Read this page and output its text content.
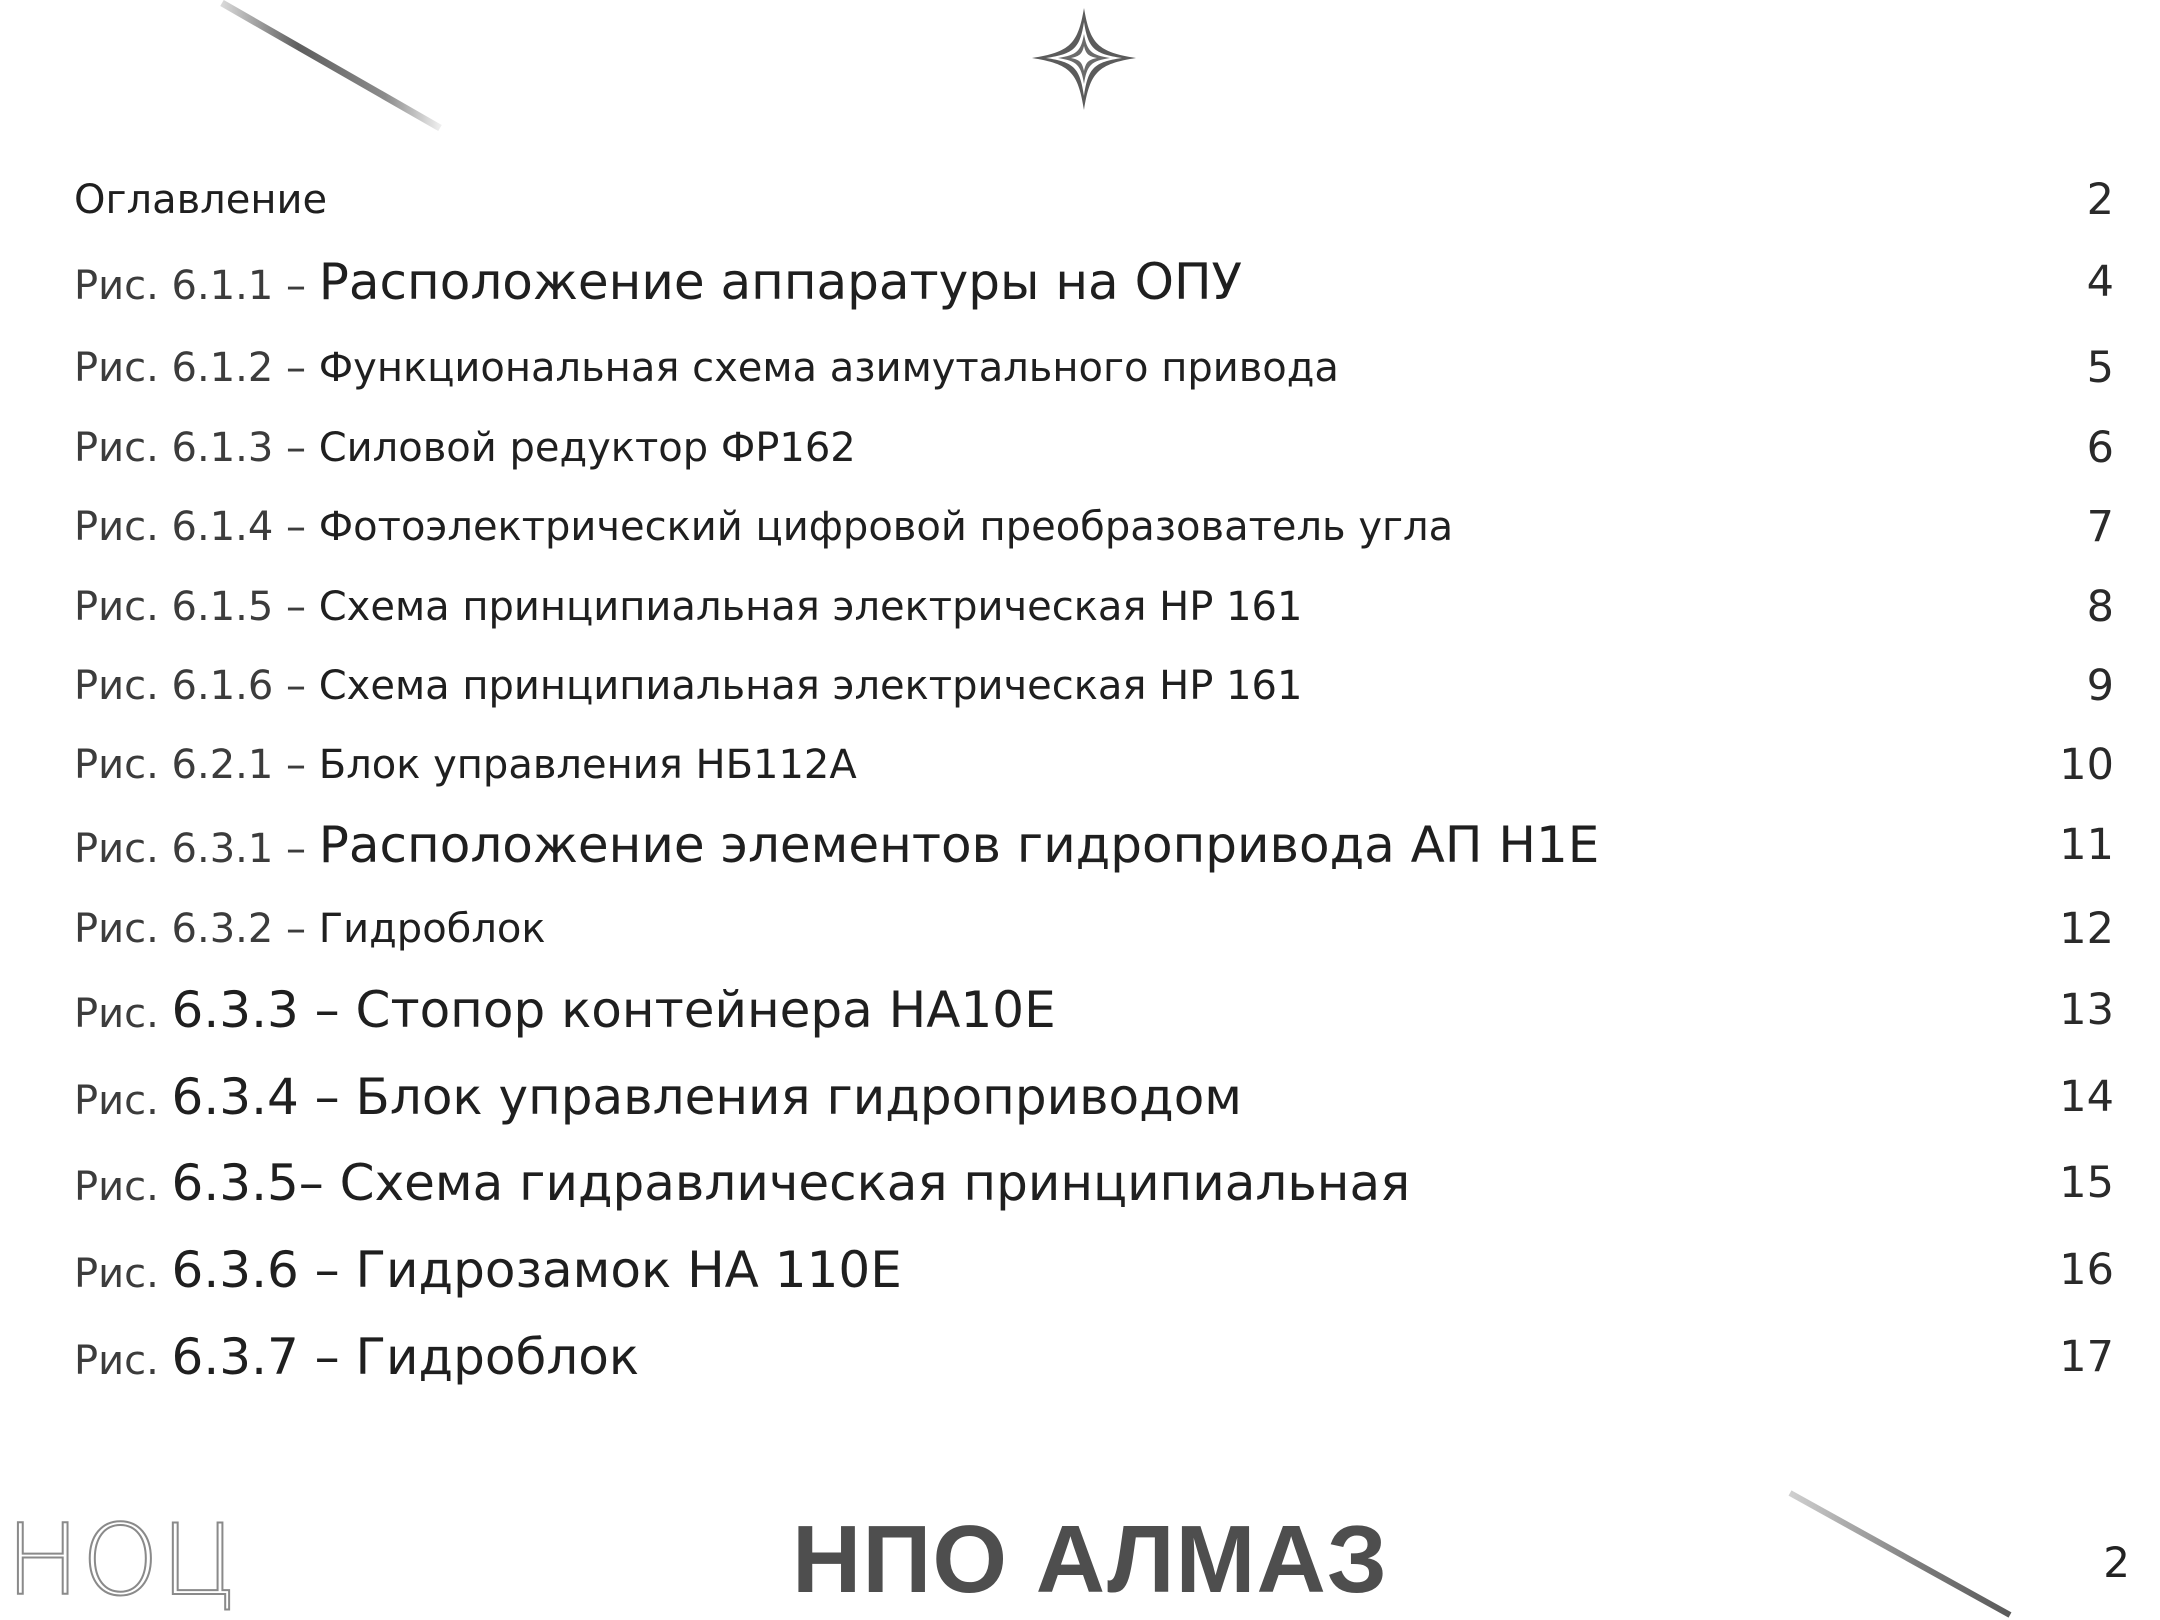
Оглавление	2
Рис. 6.1.1 – Расположение аппаратуры на ОПУ	4
Рис. 6.1.2 – Функциональная схема азимутального привода	5
Рис. 6.1.3 – Силовой редуктор ФР162	6
Рис. 6.1.4 – Фотоэлектрический цифровой преобразователь угла	7
Рис. 6.1.5 – Схема принципиальная электрическая НР 161	8
Рис. 6.1.6 – Схема принципиальная электрическая НР 161	9
Рис. 6.2.1 – Блок управления НБ112А	10
Рис. 6.3.1 – Расположение элементов гидропривода АП Н1Е	11
Рис. 6.3.2 – Гидроблок	12
Рис. 6.3.3 – Стопор контейнера НА10Е	13
Рис. 6.3.4 – Блок управления гидроприводом	14
Рис. 6.3.5– Схема гидравлическая принципиальная	15
Рис. 6.3.6 – Гидрозамок НА 110Е	16
Рис. 6.3.7 – Гидроблок	17
НОЦ	НПО АЛМАЗ	2
